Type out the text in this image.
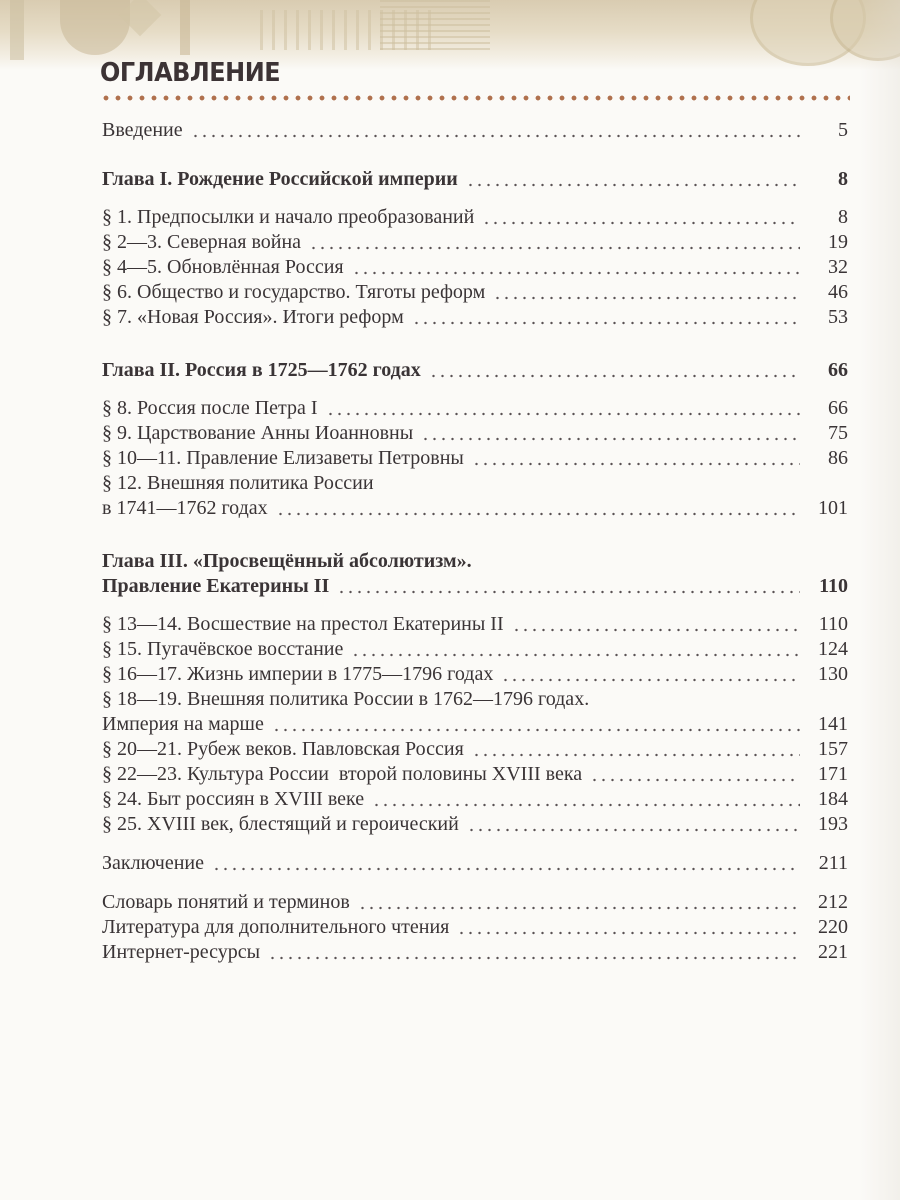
ОГЛАВЛЕНИЕ
Введение	5
Глава I. Рождение Российской империи	8
§ 1. Предпосылки и начало преобразований	8
§ 2—3. Северная война	19
§ 4—5. Обновлённая Россия	32
§ 6. Общество и государство. Тяготы реформ	46
§ 7. «Новая Россия». Итоги реформ	53
Глава II. Россия в 1725—1762 годах	66
§ 8. Россия после Петра I	66
§ 9. Царствование Анны Иоанновны	75
§ 10—11. Правление Елизаветы Петровны	86
§ 12. Внешняя политика России
в 1741—1762 годах	101
Глава III. «Просвещённый абсолютизм».
Правление Екатерины II	110
§ 13—14. Восшествие на престол Екатерины II	110
§ 15. Пугачёвское восстание	124
§ 16—17. Жизнь империи в 1775—1796 годах	130
§ 18—19. Внешняя политика России в 1762—1796 годах.
Империя на марше	141
§ 20—21. Рубеж веков. Павловская Россия	157
§ 22—23. Культура России  второй половины XVIII века	171
§ 24. Быт россиян в XVIII веке	184
§ 25. XVIII век, блестящий и героический	193
Заключение	211
Словарь понятий и терминов	212
Литература для дополнительного чтения	220
Интернет-ресурсы	221
